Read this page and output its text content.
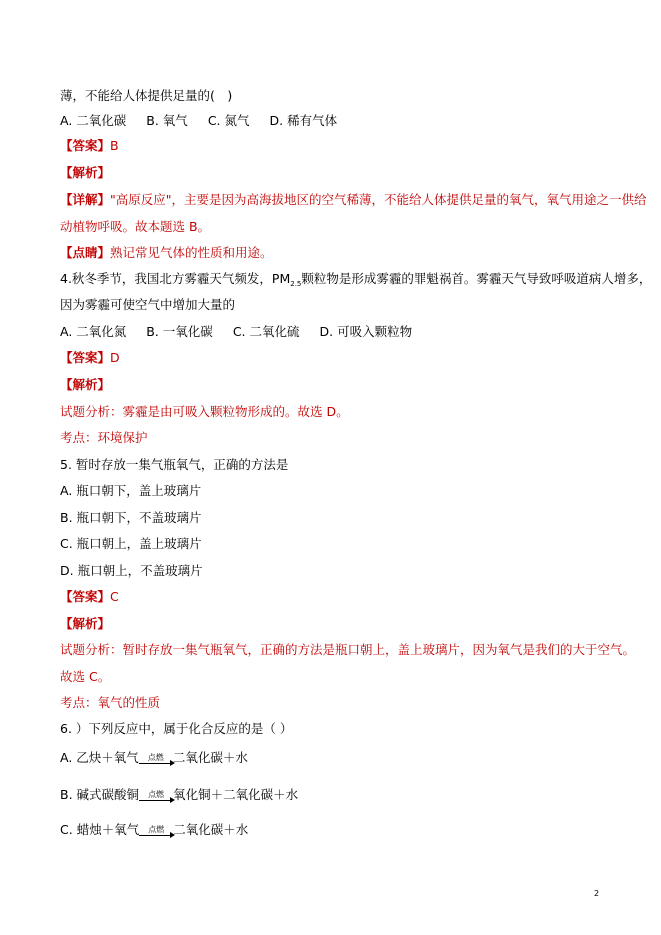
薄，不能给人体提供足量的(　)
A. 二氧化碳 B. 氧气 C. 氮气 D. 稀有气体
【答案】B
【解析】
【详解】"高原反应"，主要是因为高海拔地区的空气稀薄，不能给人体提供足量的氧气，氧气用途之一供给
动植物呼吸。故本题选 B。
【点睛】熟记常见气体的性质和用途。
4.秋冬季节，我国北方雾霾天气频发，$PM_{2.5}$颗粒物是形成雾霾的罪魁祸首。雾霾天气导致呼吸道病人增多，
因为雾霾可使空气中增加大量的
A. 二氧化氮 B. 一氧化碳 C. 二氧化硫 D. 可吸入颗粒物
【答案】D
【解析】
试题分析：雾霾是由可吸入颗粒物形成的。故选 D。
考点：环境保护
5. 暂时存放一集气瓶氧气，正确的方法是
A. 瓶口朝下，盖上玻璃片
B. 瓶口朝下，不盖玻璃片
C. 瓶口朝上，盖上玻璃片
D. 瓶口朝上，不盖玻璃片
【答案】C
【解析】
试题分析：暂时存放一集气瓶氧气，正确的方法是瓶口朝上，盖上玻璃片，因为氧气是我们的大于空气。
故选 C。
考点：氧气的性质
6. ）下列反应中，属于化合反应的是（ ）
A. 乙炔＋氧气	点燃 二氧化碳＋水
B. 碱式碳酸铜	点燃 氧化铜＋二氧化碳＋水
C. 蜡烛＋氧气	点燃 二氧化碳＋水
2
